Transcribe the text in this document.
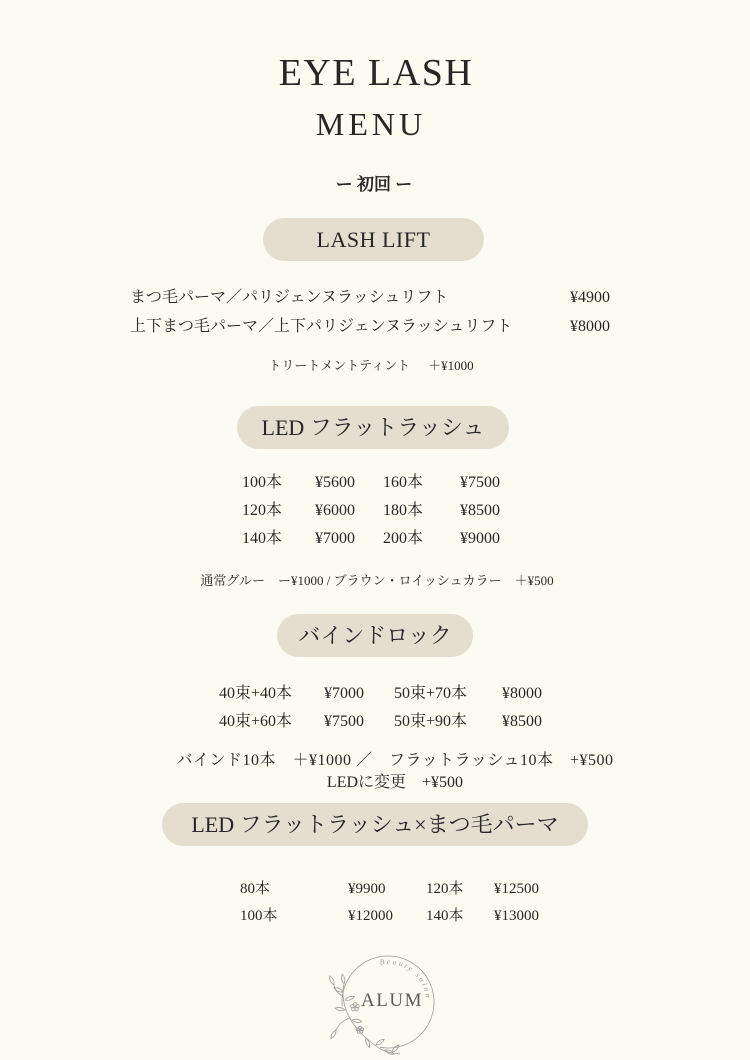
EYE LASH
MENU
ー 初回 ー
LASH LIFT
まつ毛パーマ／パリジェンヌラッシュリフト	¥4900
上下まつ毛パーマ／上下パリジェンヌラッシュリフト	¥8000
トリートメントティント ＋¥1000
LED フラットラッシュ
100本 ¥5600 160本 ¥7500
120本 ¥6000 180本 ¥8500
140本 ¥7000 200本 ¥9000
通常グルー　ー¥1000 / ブラウン・ロイッシュカラー　＋¥500
バインドロック
40束+40本 ¥7000 50束+70本 ¥8000
40束+60本 ¥7500 50束+90本 ¥8500
バインド10本　＋¥1000 ／　フラットラッシュ10本　+¥500
LEDに変更　+¥500
LED フラットラッシュ×まつ毛パーマ
80本	¥9900	120本 ¥12500
100本	¥12000 140本 ¥13000
Beauty salon
ALUM
